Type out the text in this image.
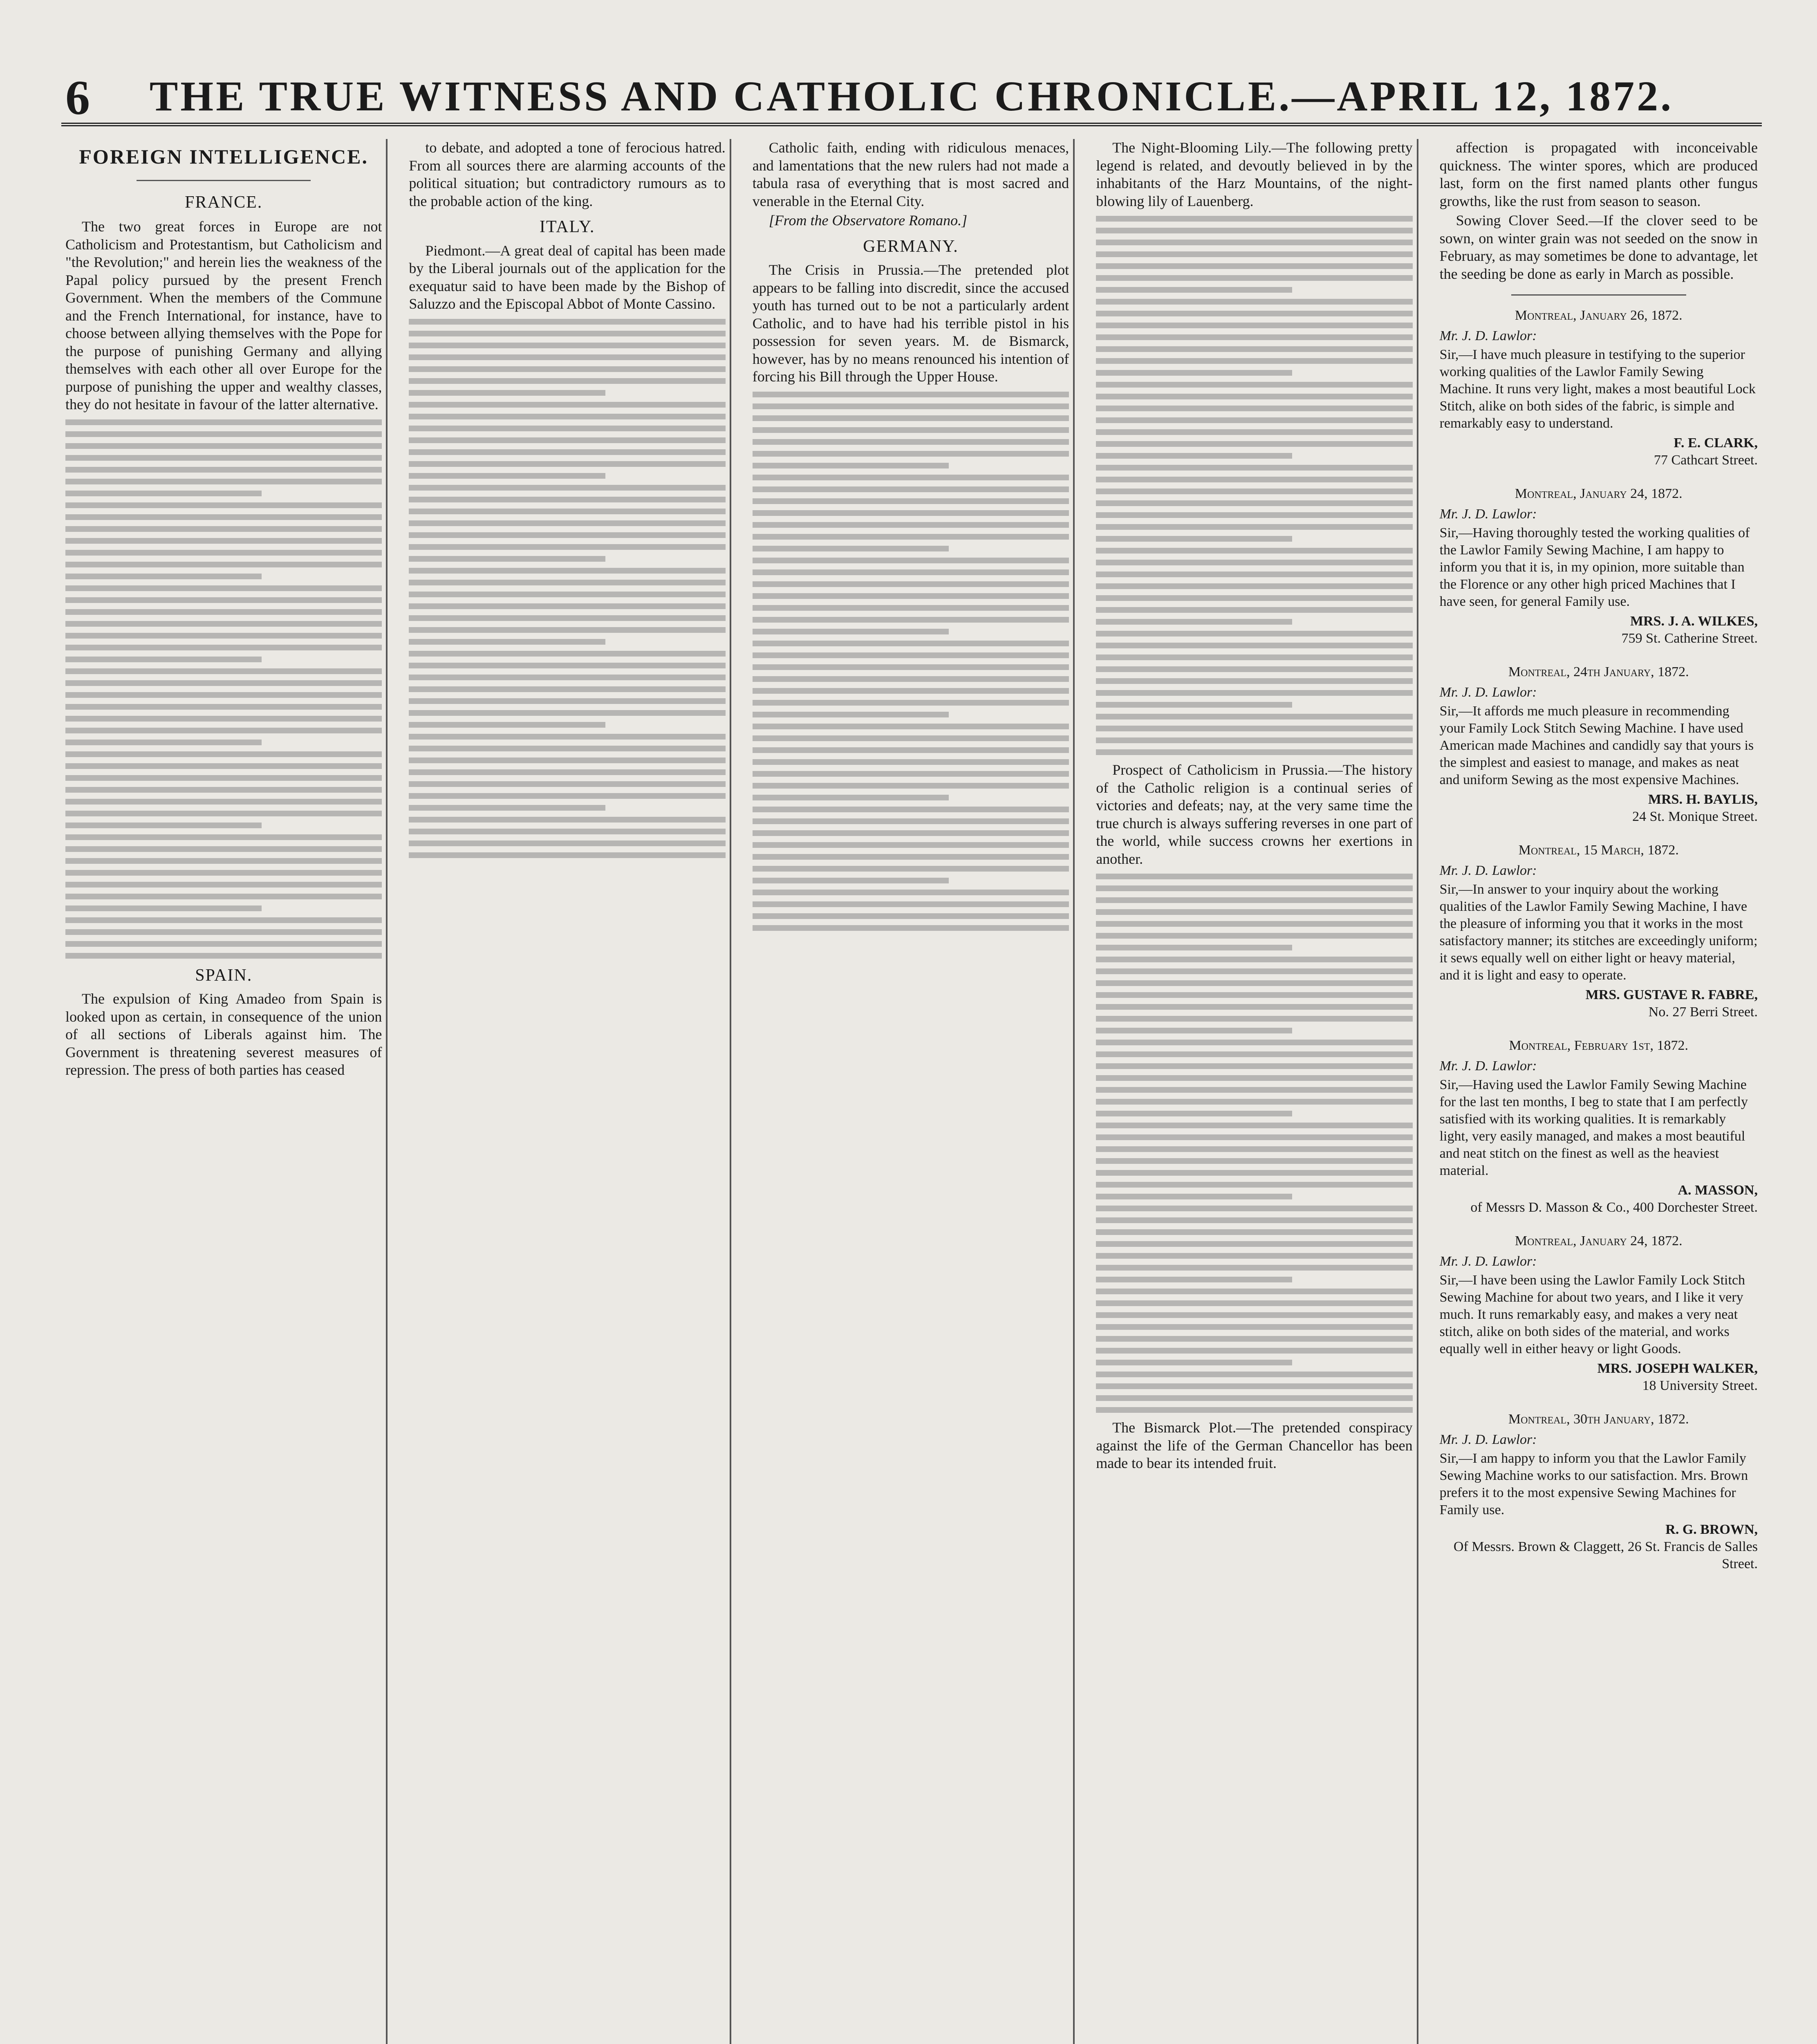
6	THE TRUE WITNESS AND CATHOLIC CHRONICLE.—APRIL 12, 1872.
FOREIGN INTELLIGENCE.
FRANCE.

The two great forces in Europe are not Catholicism and Protestantism, but Catholicism and "the Revolution;" and herein lies the weakness of the Papal policy pursued by the present French Government. When the members of the Commune and the French International, for instance, have to choose between allying themselves with the Pope for the purpose of punishing Germany and allying themselves with each other all over Europe for the purpose of punishing the upper and wealthy classes, they do not hesitate in favour of the latter alternative.

SPAIN.

The expulsion of King Amadeo from Spain is looked upon as certain, in consequence of the union of all sections of Liberals against him. The Government is threatening severest measures of repression. The press of both parties has ceased

to debate, and adopted a tone of ferocious hatred. From all sources there are alarming accounts of the political situation; but contradictory rumours as to the probable action of the king.

ITALY.

Piedmont.—A great deal of capital has been made by the Liberal journals out of the application for the exequatur said to have been made by the Bishop of Saluzzo and the Episcopal Abbot of Monte Cassino.

Catholic faith, ending with ridiculous menaces, and lamentations that the new rulers had not made a tabula rasa of everything that is most sacred and venerable in the Eternal City.

[From the Observatore Romano.]

GERMANY.

The Crisis in Prussia.—The pretended plot appears to be falling into discredit, since the accused youth has turned out to be not a particularly ardent Catholic, and to have had his terrible pistol in his possession for seven years. M. de Bismarck, however, has by no means renounced his intention of forcing his Bill through the Upper House.

The Night-Blooming Lily.—The following pretty legend is related, and devoutly believed in by the inhabitants of the Harz Mountains, of the night-blowing lily of Lauenberg.

Prospect of Catholicism in Prussia.—The history of the Catholic religion is a continual series of victories and defeats; nay, at the very same time the true church is always suffering reverses in one part of the world, while success crowns her exertions in another.

The Bismarck Plot.—The pretended conspiracy against the life of the German Chancellor has been made to bear its intended fruit.

affection is propagated with inconceivable quickness. The winter spores, which are produced last, form on the first named plants other fungus growths, like the rust from season to season.

Sowing Clover Seed.—If the clover seed to be sown, on winter grain was not seeded on the snow in February, as may sometimes be done to advantage, let the seeding be done as early in March as possible.

Montreal, January 26, 1872.
Mr. J. D. Lawlor:
Sir,—I have much pleasure in testifying to the superior working qualities of the Lawlor Family Sewing Machine. It runs very light, makes a most beautiful Lock Stitch, alike on both sides of the fabric, is simple and remarkably easy to understand.
F. E. CLARK,
77 Cathcart Street.
Montreal, January 24, 1872.
Mr. J. D. Lawlor:
Sir,—Having thoroughly tested the working qualities of the Lawlor Family Sewing Machine, I am happy to inform you that it is, in my opinion, more suitable than the Florence or any other high priced Machines that I have seen, for general Family use.
MRS. J. A. WILKES,
759 St. Catherine Street.
Montreal, 24th January, 1872.
Mr. J. D. Lawlor:
Sir,—It affords me much pleasure in recommending your Family Lock Stitch Sewing Machine. I have used American made Machines and candidly say that yours is the simplest and easiest to manage, and makes as neat and uniform Sewing as the most expensive Machines.
MRS. H. BAYLIS,
24 St. Monique Street.
Montreal, 15 March, 1872.
Mr. J. D. Lawlor:
Sir,—In answer to your inquiry about the working qualities of the Lawlor Family Sewing Machine, I have the pleasure of informing you that it works in the most satisfactory manner; its stitches are exceedingly uniform; it sews equally well on either light or heavy material, and it is light and easy to operate.
MRS. GUSTAVE R. FABRE,
No. 27 Berri Street.
Montreal, February 1st, 1872.
Mr. J. D. Lawlor:
Sir,—Having used the Lawlor Family Sewing Machine for the last ten months, I beg to state that I am perfectly satisfied with its working qualities. It is remarkably light, very easily managed, and makes a most beautiful and neat stitch on the finest as well as the heaviest material.
A. MASSON,
of Messrs D. Masson & Co., 400 Dorchester Street.
Montreal, January 24, 1872.
Mr. J. D. Lawlor:
Sir,—I have been using the Lawlor Family Lock Stitch Sewing Machine for about two years, and I like it very much. It runs remarkably easy, and makes a very neat stitch, alike on both sides of the material, and works equally well in either heavy or light Goods.
MRS. JOSEPH WALKER,
18 University Street.
Montreal, 30th January, 1872.
Mr. J. D. Lawlor:
Sir,—I am happy to inform you that the Lawlor Family Sewing Machine works to our satisfaction. Mrs. Brown prefers it to the most expensive Sewing Machines for Family use.
R. G. BROWN,
Of Messrs. Brown & Claggett, 26 St. Francis de Salles Street.
